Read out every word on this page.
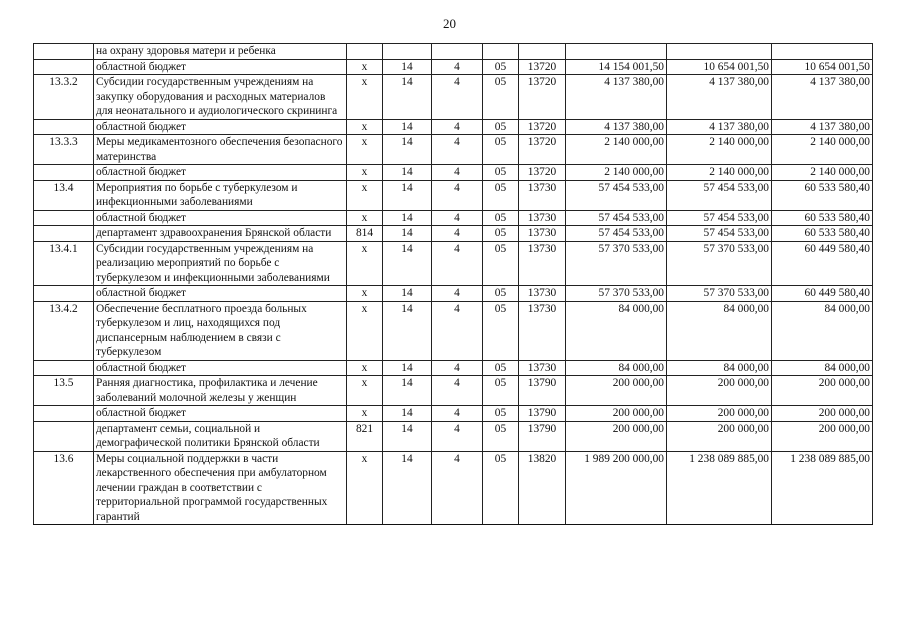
20
	на охрану здоровья матери и ребенка								
	областной бюджет	х	14	4	05	13720	14 154 001,50	10 654 001,50	10 654 001,50
13.3.2	Субсидии государственным учреждениям на закупку оборудования и расходных материалов для неонатального и аудиологического скрининга	х	14	4	05	13720	4 137 380,00	4 137 380,00	4 137 380,00
	областной бюджет	х	14	4	05	13720	4 137 380,00	4 137 380,00	4 137 380,00
13.3.3	Меры медикаментозного обеспечения безопасного материнства	х	14	4	05	13720	2 140 000,00	2 140 000,00	2 140 000,00
	областной бюджет	х	14	4	05	13720	2 140 000,00	2 140 000,00	2 140 000,00
13.4	Мероприятия по борьбе с туберкулезом и инфекционными заболеваниями	х	14	4	05	13730	57 454 533,00	57 454 533,00	60 533 580,40
	областной бюджет	х	14	4	05	13730	57 454 533,00	57 454 533,00	60 533 580,40
	департамент здравоохранения Брянской области	814	14	4	05	13730	57 454 533,00	57 454 533,00	60 533 580,40
13.4.1	Субсидии государственным учреждениям на реализацию мероприятий по борьбе с туберкулезом и инфекционными заболеваниями	х	14	4	05	13730	57 370 533,00	57 370 533,00	60 449 580,40
	областной бюджет	х	14	4	05	13730	57 370 533,00	57 370 533,00	60 449 580,40
13.4.2	Обеспечение бесплатного проезда больных туберкулезом и лиц, находящихся под диспансерным наблюдением в связи с туберкулезом	х	14	4	05	13730	84 000,00	84 000,00	84 000,00
	областной бюджет	х	14	4	05	13730	84 000,00	84 000,00	84 000,00
13.5	Ранняя диагностика, профилактика и лечение заболеваний молочной железы у женщин	х	14	4	05	13790	200 000,00	200 000,00	200 000,00
	областной бюджет	х	14	4	05	13790	200 000,00	200 000,00	200 000,00
	департамент семьи, социальной и демографической политики Брянской области	821	14	4	05	13790	200 000,00	200 000,00	200 000,00
13.6	Меры социальной поддержки в части лекарственного обеспечения при амбулаторном лечении граждан в соответствии с территориальной программой государственных гарантий	х	14	4	05	13820	1 989 200 000,00	1 238 089 885,00	1 238 089 885,00
